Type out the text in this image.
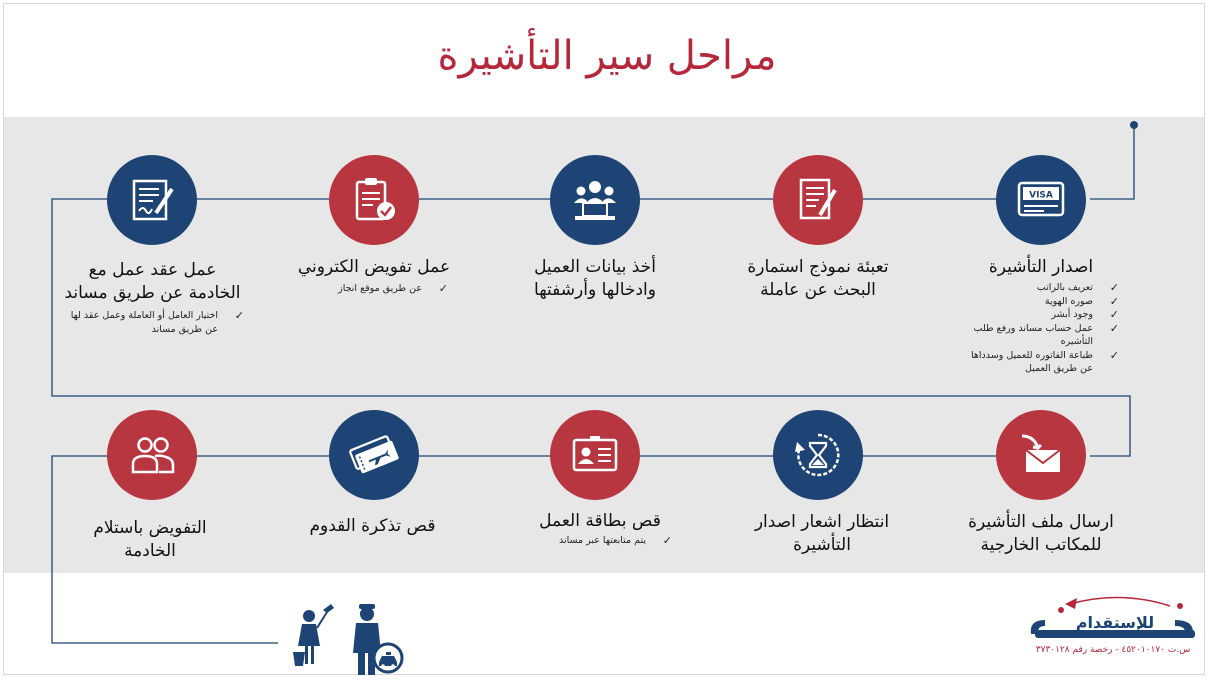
مراحل سير التأشيرة
VISA
اصدار التأشيرة
تعبئة نموذج استمارة
البحث عن عاملة
أخذ بيانات العميل
وادخالها وأرشفتها
عمل تفويض الكتروني
عمل عقد عمل مع
الخادمة عن طريق مساند
ارسال ملف التأشيرة
للمكاتب الخارجية
انتظار اشعار اصدار
التأشيرة
قص بطاقة العمل
قص تذكرة القدوم
التفويض باستلام
الخادمة
✓
تعريف بالراتب
✓
صوره الهوية
✓
وجود أبشر
✓
عمل حساب مساند ورفع طلب التأشيره
✓
طباعة الفاتوره للعميل وسدداها عن طريق العميل
✓
عن طريق موقع انجاز
✓
اختيار العامل أو العاملة وعمل عقد لها عن طريق مساند
✓
يتم متابعتها عبر مساند
للإستقدام
س.ت ٤٥٢٠١٠١٧٠ - رخصة رقم ٣٧٣٠١٢٨
